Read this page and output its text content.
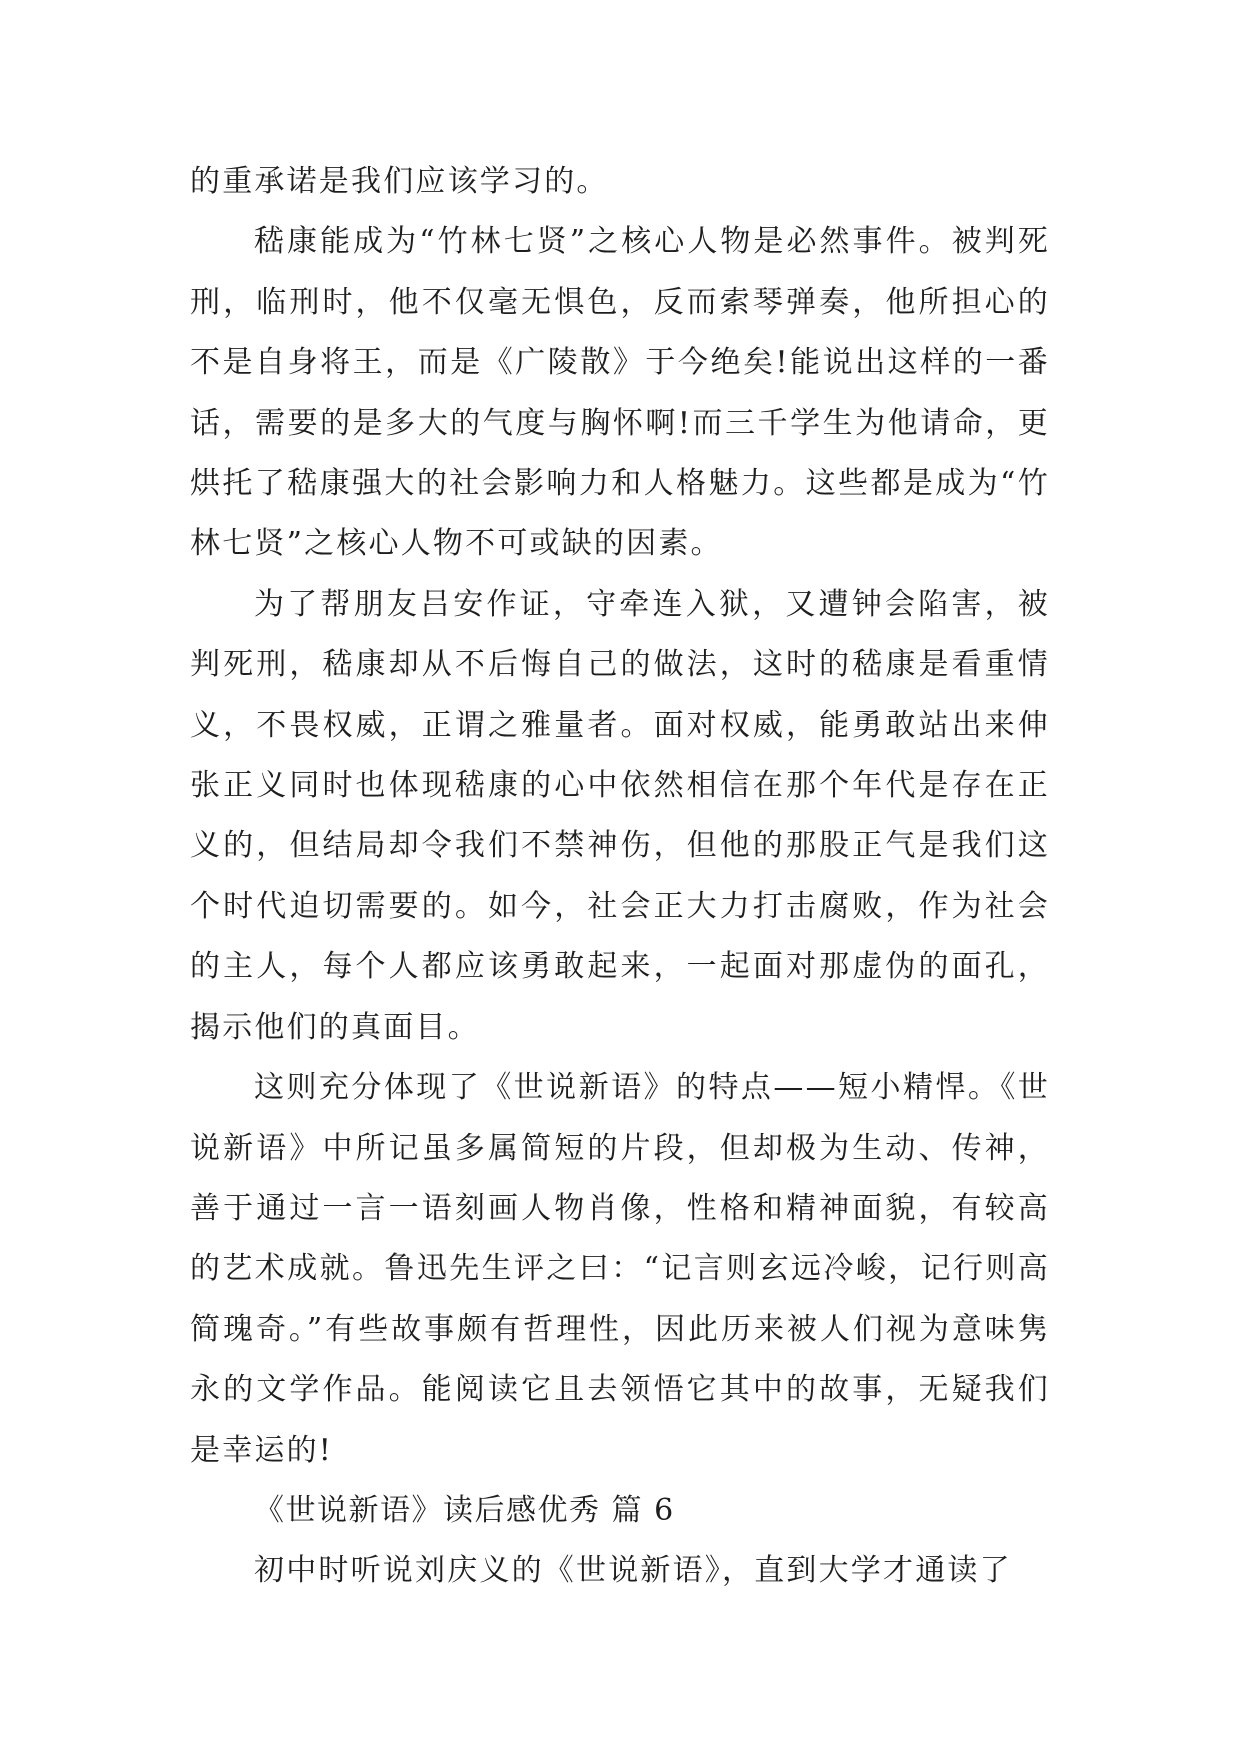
的重承诺是我们应该学习的。

嵇康能成为“竹林七贤”之核心人物是必然事件。被判死刑，临刑时，他不仅毫无惧色，反而索琴弹奏，他所担心的不是自身将王，而是《广陵散》于今绝矣!能说出这样的一番话，需要的是多大的气度与胸怀啊!而三千学生为他请命，更烘托了嵇康强大的社会影响力和人格魅力。这些都是成为“竹林七贤”之核心人物不可或缺的因素。

为了帮朋友吕安作证，守牵连入狱，又遭钟会陷害，被判死刑，嵇康却从不后悔自己的做法，这时的嵇康是看重情义，不畏权威，正谓之雅量者。面对权威，能勇敢站出来伸张正义同时也体现嵇康的心中依然相信在那个年代是存在正义的，但结局却令我们不禁神伤，但他的那股正气是我们这个时代迫切需要的。如今，社会正大力打击腐败，作为社会的主人，每个人都应该勇敢起来，一起面对那虚伪的面孔，揭示他们的真面目。

这则充分体现了《世说新语》的特点——短小精悍。《世说新语》中所记虽多属简短的片段，但却极为生动、传神，善于通过一言一语刻画人物肖像，性格和精神面貌，有较高的艺术成就。鲁迅先生评之曰：“记言则玄远冷峻，记行则高简瑰奇。”有些故事颇有哲理性，因此历来被人们视为意味隽永的文学作品。能阅读它且去领悟它其中的故事，无疑我们是幸运的!

《世说新语》读后感优秀 篇 6

初中时听说刘庆义的《世说新语》，直到大学才通读了
